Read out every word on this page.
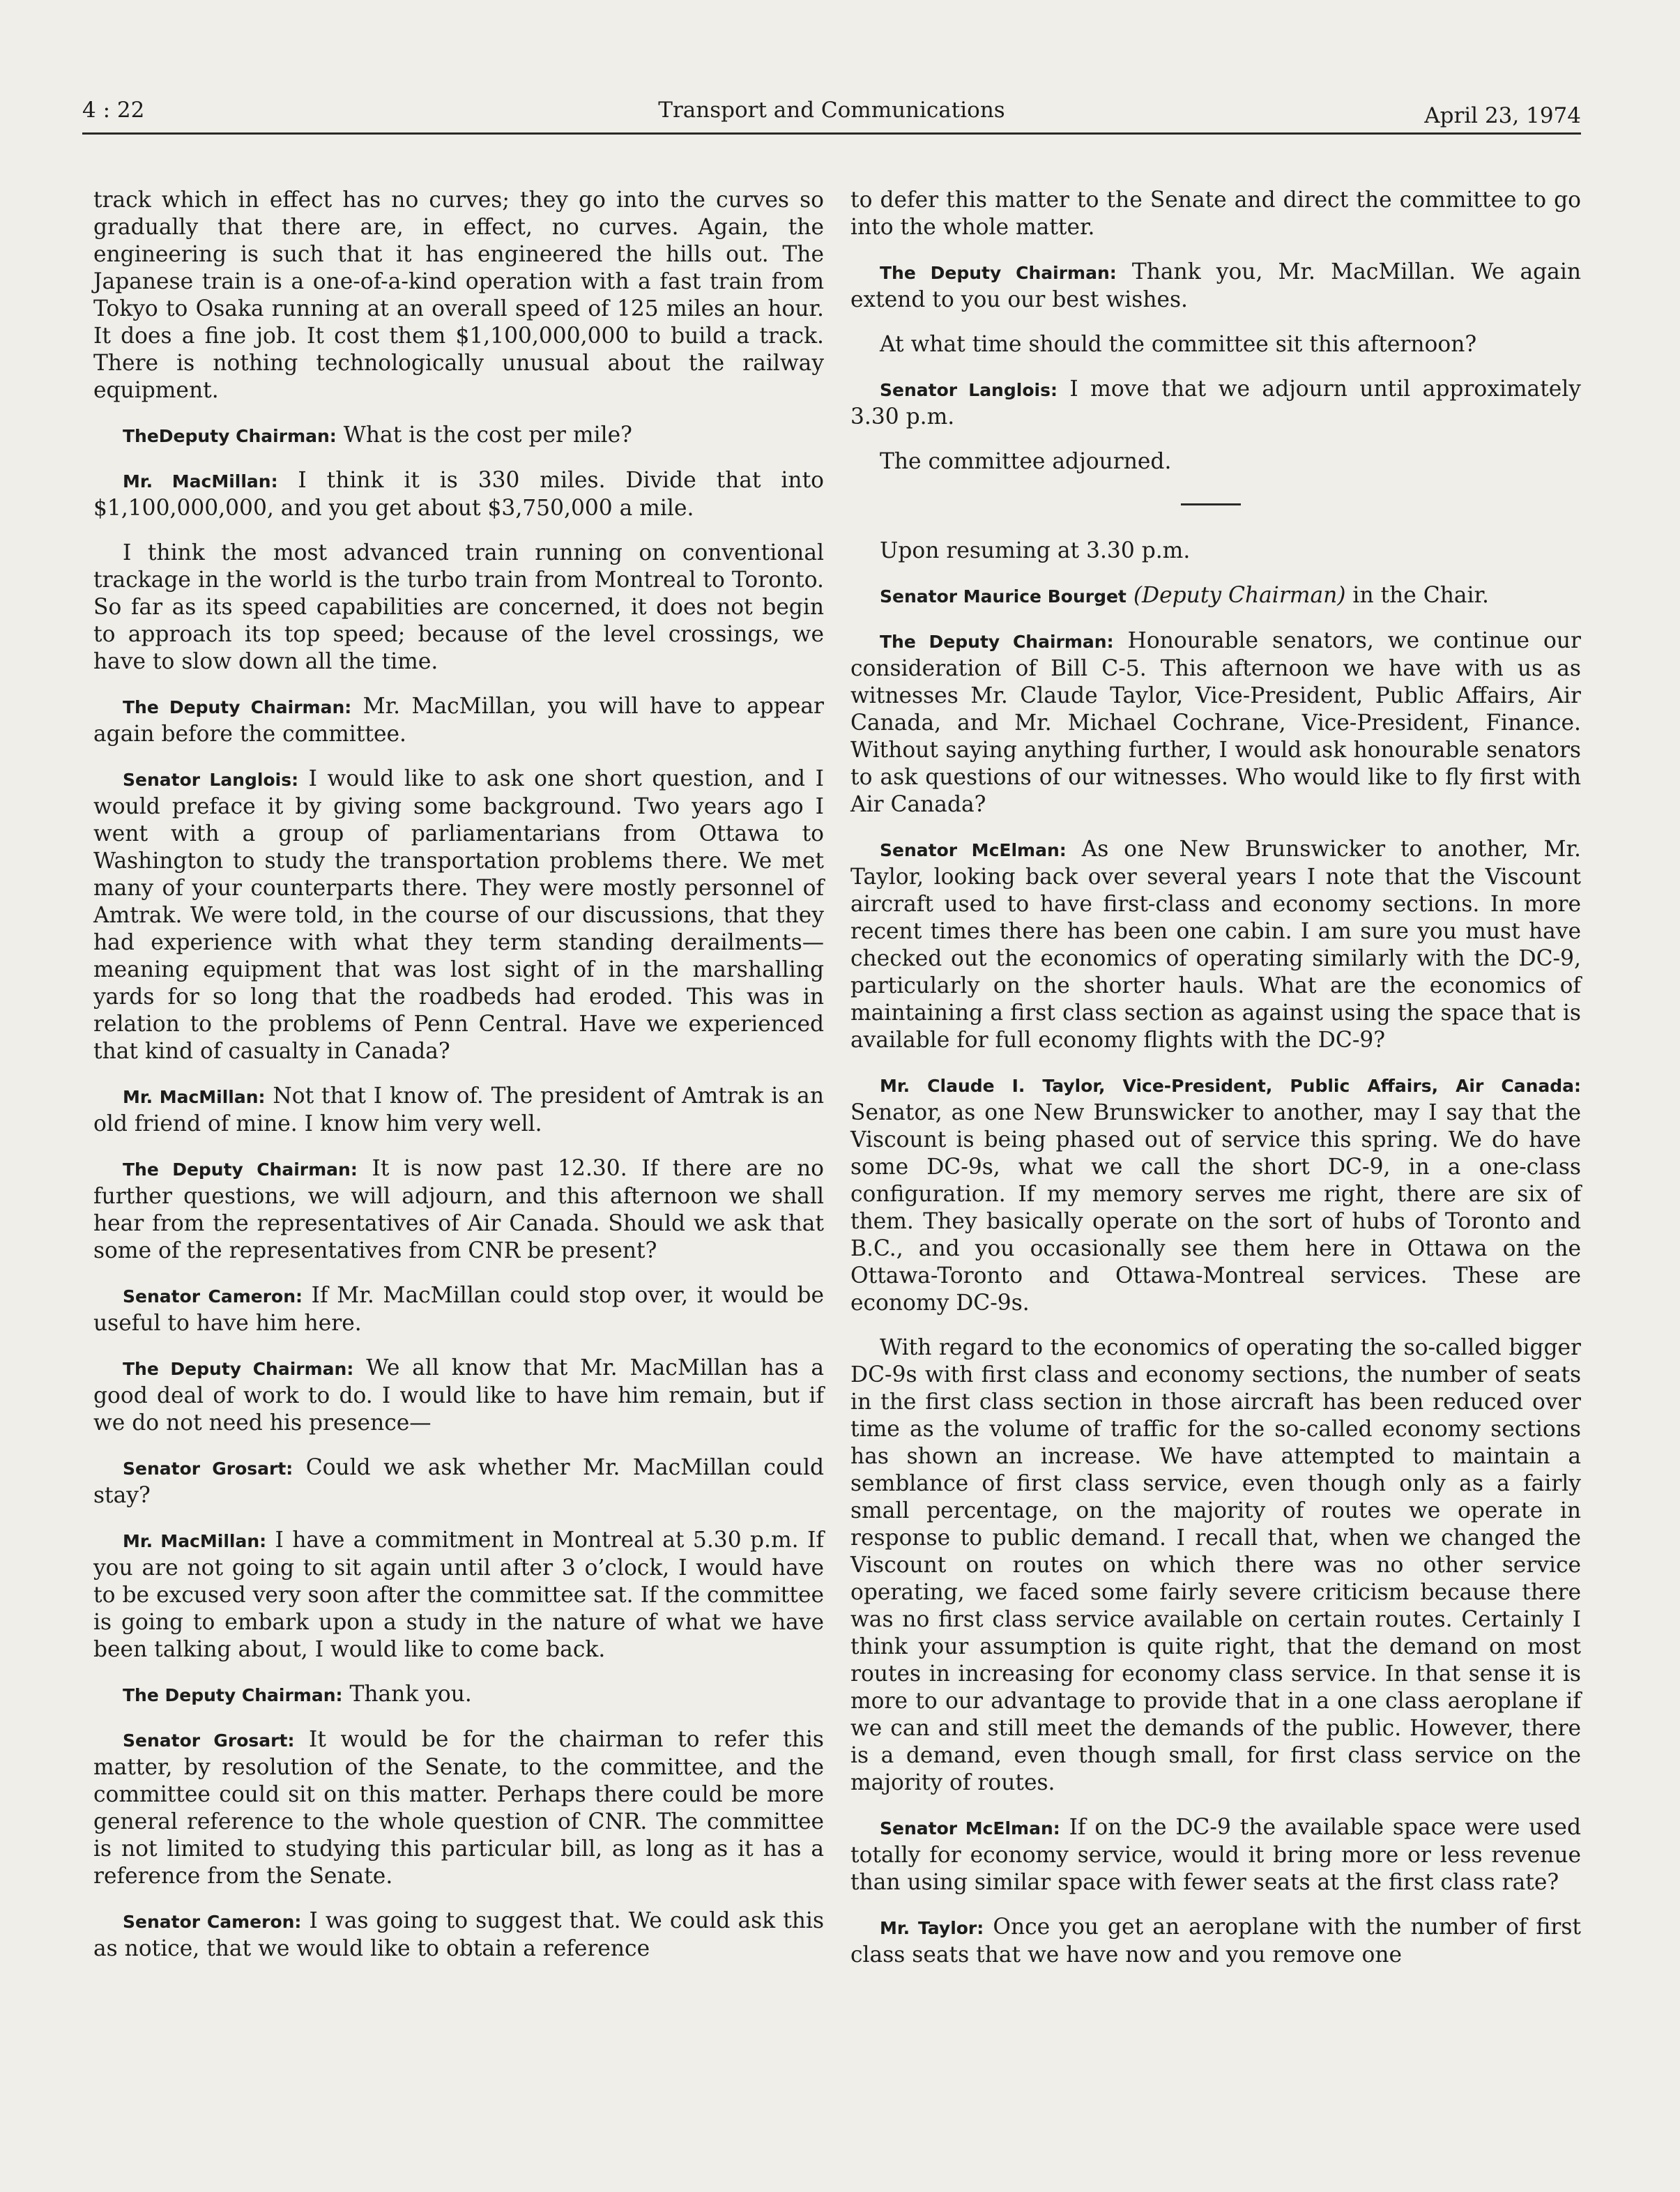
4 : 22	Transport and Communications	April 23, 1974

track which in effect has no curves; they go into the curves so gradually that there are, in effect, no curves. Again, the engineering is such that it has engineered the hills out. The Japanese train is a one-of-a-kind operation with a fast train from Tokyo to Osaka running at an overall speed of 125 miles an hour. It does a fine job. It cost them $1,100,000,000 to build a track. There is nothing technologically unusual about the railway equipment.

TheDeputy Chairman: What is the cost per mile?

Mr. MacMillan: I think it is 330 miles. Divide that into $1,100,000,000, and you get about $3,750,000 a mile.

I think the most advanced train running on conventional trackage in the world is the turbo train from Montreal to Toronto. So far as its speed capabilities are concerned, it does not begin to approach its top speed; because of the level crossings, we have to slow down all the time.

The Deputy Chairman: Mr. MacMillan, you will have to appear again before the committee.

Senator Langlois: I would like to ask one short question, and I would preface it by giving some background. Two years ago I went with a group of parliamentarians from Ottawa to Washington to study the transportation problems there. We met many of your counterparts there. They were mostly personnel of Amtrak. We were told, in the course of our discussions, that they had experience with what they term standing derailments—meaning equipment that was lost sight of in the marshalling yards for so long that the roadbeds had eroded. This was in relation to the problems of Penn Central. Have we experienced that kind of casualty in Canada?

Mr. MacMillan: Not that I know of. The president of Amtrak is an old friend of mine. I know him very well.

The Deputy Chairman: It is now past 12.30. If there are no further questions, we will adjourn, and this afternoon we shall hear from the representatives of Air Canada. Should we ask that some of the representatives from CNR be present?

Senator Cameron: If Mr. MacMillan could stop over, it would be useful to have him here.

The Deputy Chairman: We all know that Mr. MacMillan has a good deal of work to do. I would like to have him remain, but if we do not need his presence—

Senator Grosart: Could we ask whether Mr. MacMillan could stay?

Mr. MacMillan: I have a commitment in Montreal at 5.30 p.m. If you are not going to sit again until after 3 o’clock, I would have to be excused very soon after the committee sat. If the committee is going to embark upon a study in the nature of what we have been talking about, I would like to come back.

The Deputy Chairman: Thank you.

Senator Grosart: It would be for the chairman to refer this matter, by resolution of the Senate, to the committee, and the committee could sit on this matter. Perhaps there could be more general reference to the whole question of CNR. The committee is not limited to studying this particular bill, as long as it has a reference from the Senate.

Senator Cameron: I was going to suggest that. We could ask this as notice, that we would like to obtain a reference

to defer this matter to the Senate and direct the committee to go into the whole matter.

The Deputy Chairman: Thank you, Mr. MacMillan. We again extend to you our best wishes.

At what time should the committee sit this afternoon?

Senator Langlois: I move that we adjourn until approximately 3.30 p.m.

The committee adjourned.

Upon resuming at 3.30 p.m.

Senator Maurice Bourget (Deputy Chairman) in the Chair.

The Deputy Chairman: Honourable senators, we continue our consideration of Bill C-5. This afternoon we have with us as witnesses Mr. Claude Taylor, Vice-President, Public Affairs, Air Canada, and Mr. Michael Cochrane, Vice-President, Finance. Without saying anything further, I would ask honourable senators to ask questions of our witnesses. Who would like to fly first with Air Canada?

Senator McElman: As one New Brunswicker to another, Mr. Taylor, looking back over several years I note that the Viscount aircraft used to have first-class and economy sections. In more recent times there has been one cabin. I am sure you must have checked out the economics of operating similarly with the DC-9, particularly on the shorter hauls. What are the economics of maintaining a first class section as against using the space that is available for full economy flights with the DC-9?

Mr. Claude I. Taylor, Vice-President, Public Affairs, Air Canada: Senator, as one New Brunswicker to another, may I say that the Viscount is being phased out of service this spring. We do have some DC-9s, what we call the short DC-9, in a one-class configuration. If my memory serves me right, there are six of them. They basically operate on the sort of hubs of Toronto and B.C., and you occasionally see them here in Ottawa on the Ottawa-Toronto and Ottawa-Montreal services. These are economy DC-9s.

With regard to the economics of operating the so-called bigger DC-9s with first class and economy sections, the number of seats in the first class section in those aircraft has been reduced over time as the volume of traffic for the so-called economy sections has shown an increase. We have attempted to maintain a semblance of first class service, even though only as a fairly small percentage, on the majority of routes we operate in response to public demand. I recall that, when we changed the Viscount on routes on which there was no other service operating, we faced some fairly severe criticism because there was no first class service available on certain routes. Certainly I think your assumption is quite right, that the demand on most routes in increasing for economy class service. In that sense it is more to our advantage to provide that in a one class aeroplane if we can and still meet the demands of the public. However, there is a demand, even though small, for first class service on the majority of routes.

Senator McElman: If on the DC-9 the available space were used totally for economy service, would it bring more or less revenue than using similar space with fewer seats at the first class rate?

Mr. Taylor: Once you get an aeroplane with the number of first class seats that we have now and you remove one
